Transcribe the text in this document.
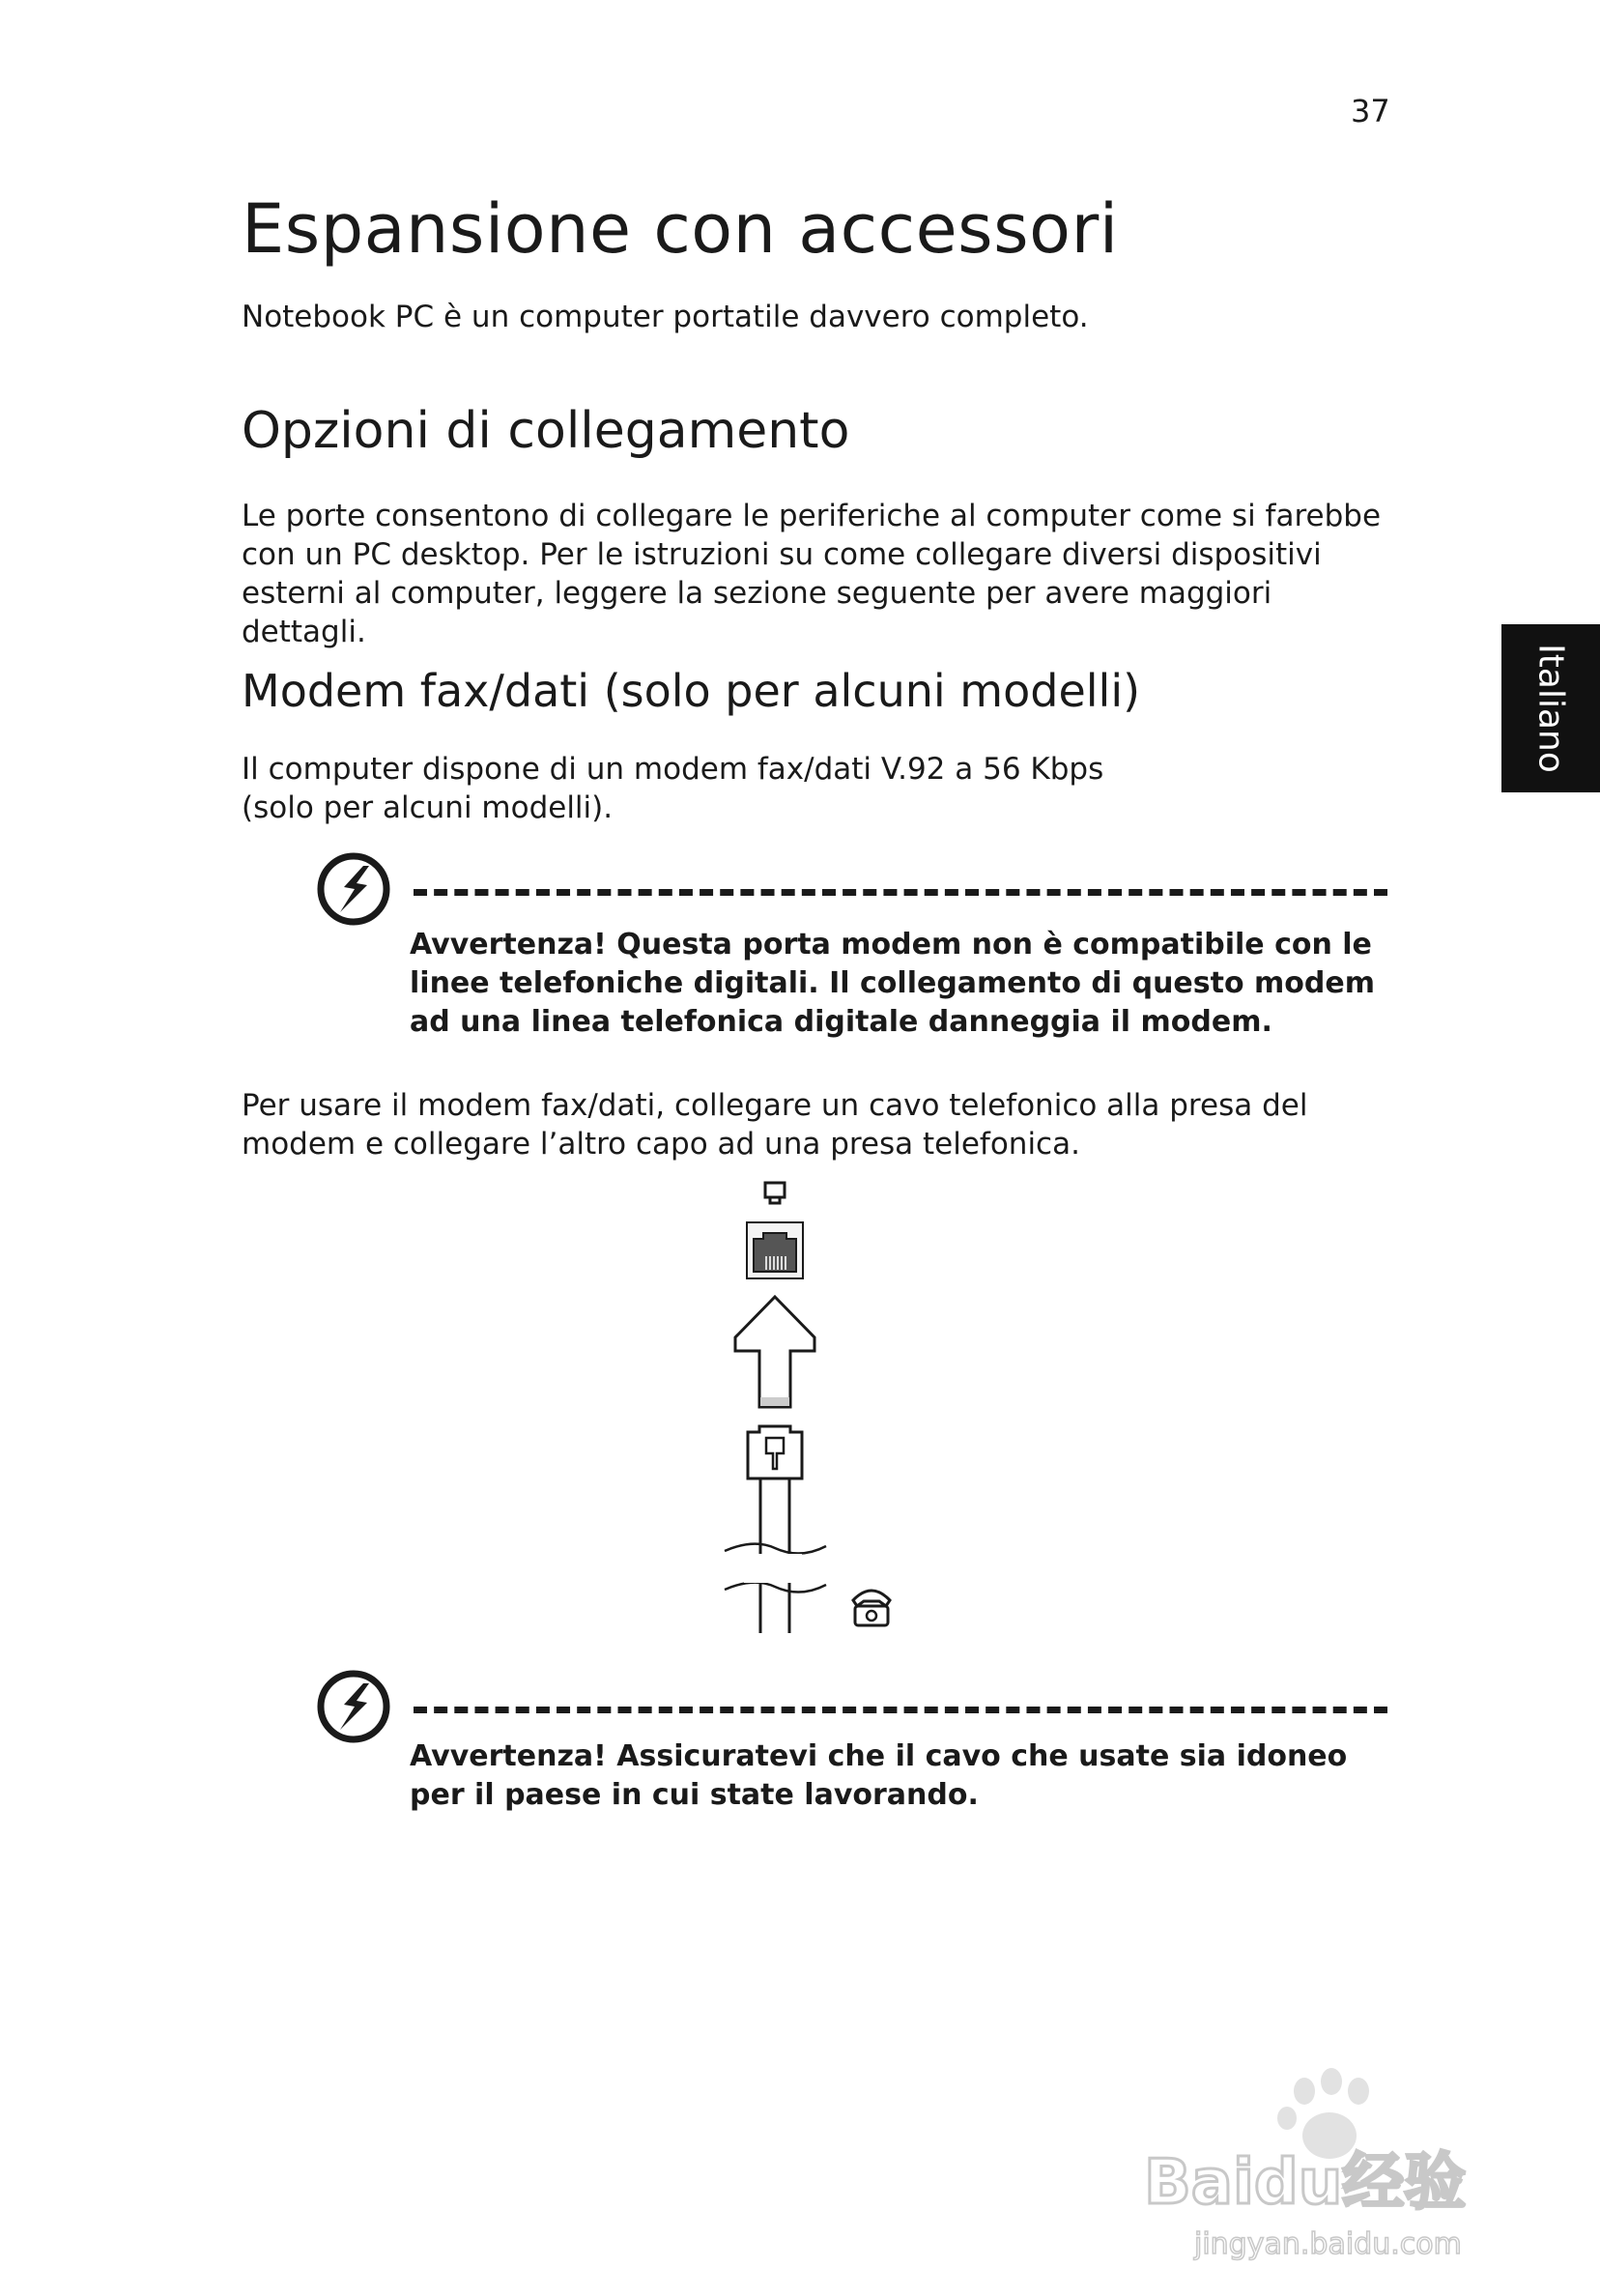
37
Espansione con accessori
Notebook PC è un computer portatile davvero completo.
Opzioni di collegamento
Le porte consentono di collegare le periferiche al computer come si farebbe con un PC desktop. Per le istruzioni su come collegare diversi dispositivi esterni al computer, leggere la sezione seguente per avere maggiori dettagli.
Modem fax/dati (solo per alcuni modelli)
Il computer dispone di un modem fax/dati V.92 a 56 Kbps
(solo per alcuni modelli).
Avvertenza! Questa porta modem non è compatibile con le linee telefoniche digitali. Il collegamento di questo modem ad una linea telefonica digitale danneggia il modem.
Per usare il modem fax/dati, collegare un cavo telefonico alla presa del modem e collegare l’altro capo ad una presa telefonica.
Avvertenza! Assicuratevi che il cavo che usate sia idoneo per il paese in cui state lavorando.
Italiano
Baidu经验
jingyan.baidu.com
